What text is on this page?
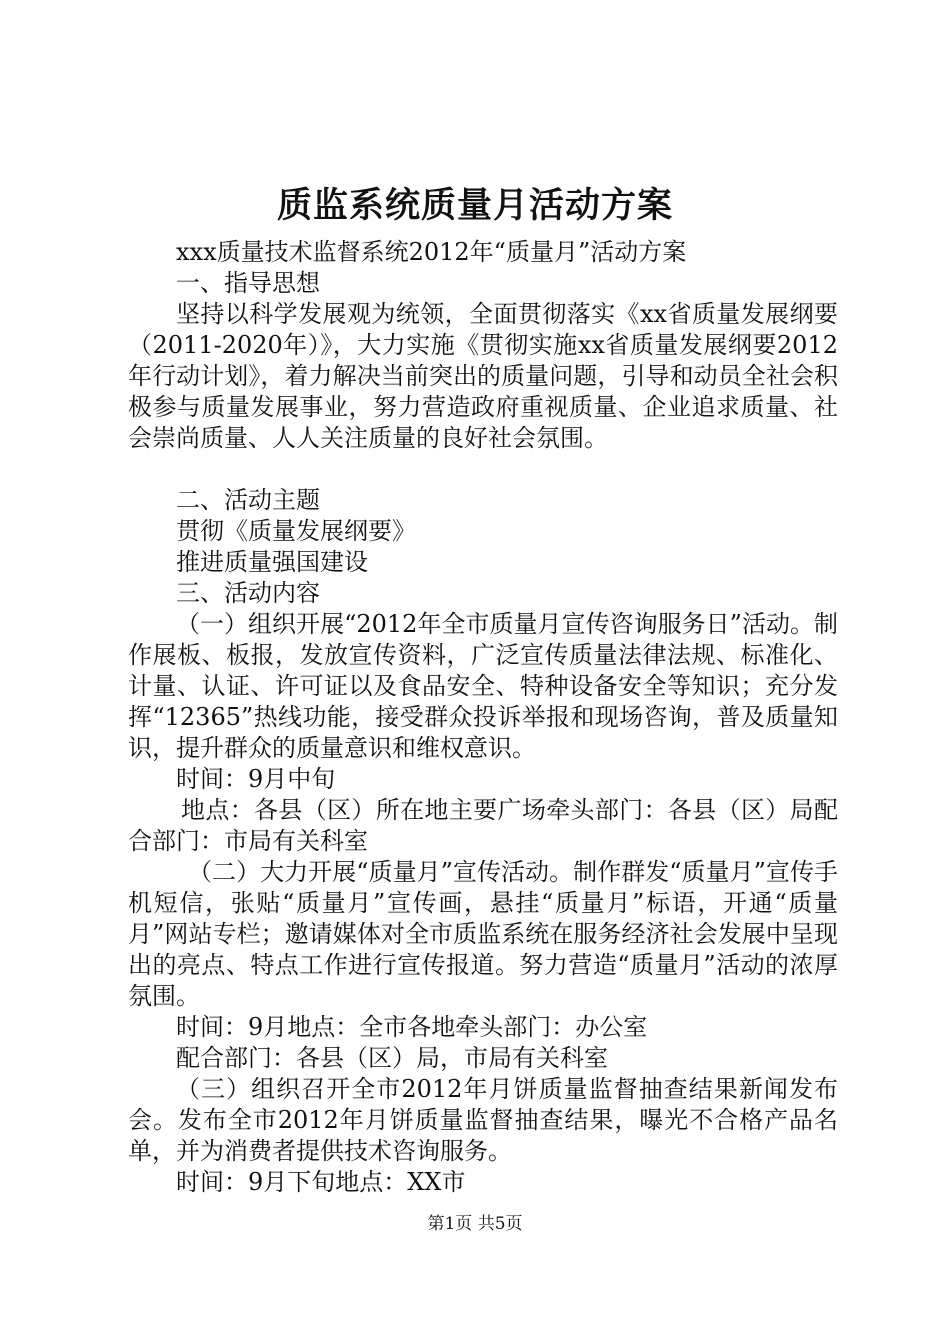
质监系统质量月活动方案

xxx质量技术监督系统2012年“质量月”活动方案

一、指导思想

坚持以科学发展观为统领，全面贯彻落实《xx省质量发展纲要（2011-2020年）》，大力实施《贯彻实施xx省质量发展纲要2012年行动计划》，着力解决当前突出的质量问题，引导和动员全社会积极参与质量发展事业，努力营造政府重视质量、企业追求质量、社会崇尚质量、人人关注质量的良好社会氛围。

二、活动主题

贯彻《质量发展纲要》

推进质量强国建设

三、活动内容

（一）组织开展“2012年全市质量月宣传咨询服务日”活动。制作展板、板报，发放宣传资料，广泛宣传质量法律法规、标准化、计量、认证、许可证以及食品安全、特种设备安全等知识；充分发挥“12365”热线功能，接受群众投诉举报和现场咨询，普及质量知识，提升群众的质量意识和维权意识。

时间：9月中旬

地点：各县（区）所在地主要广场牵头部门：各县（区）局配合部门：市局有关科室

（二）大力开展“质量月”宣传活动。制作群发“质量月”宣传手机短信，张贴“质量月”宣传画，悬挂“质量月”标语，开通“质量月”网站专栏；邀请媒体对全市质监系统在服务经济社会发展中呈现出的亮点、特点工作进行宣传报道。努力营造“质量月”活动的浓厚氛围。

时间：9月地点：全市各地牵头部门：办公室

配合部门：各县（区）局，市局有关科室

（三）组织召开全市2012年月饼质量监督抽查结果新闻发布会。发布全市2012年月饼质量监督抽查结果，曝光不合格产品名单，并为消费者提供技术咨询服务。

时间：9月下旬地点：XX市

第1页 共5页
